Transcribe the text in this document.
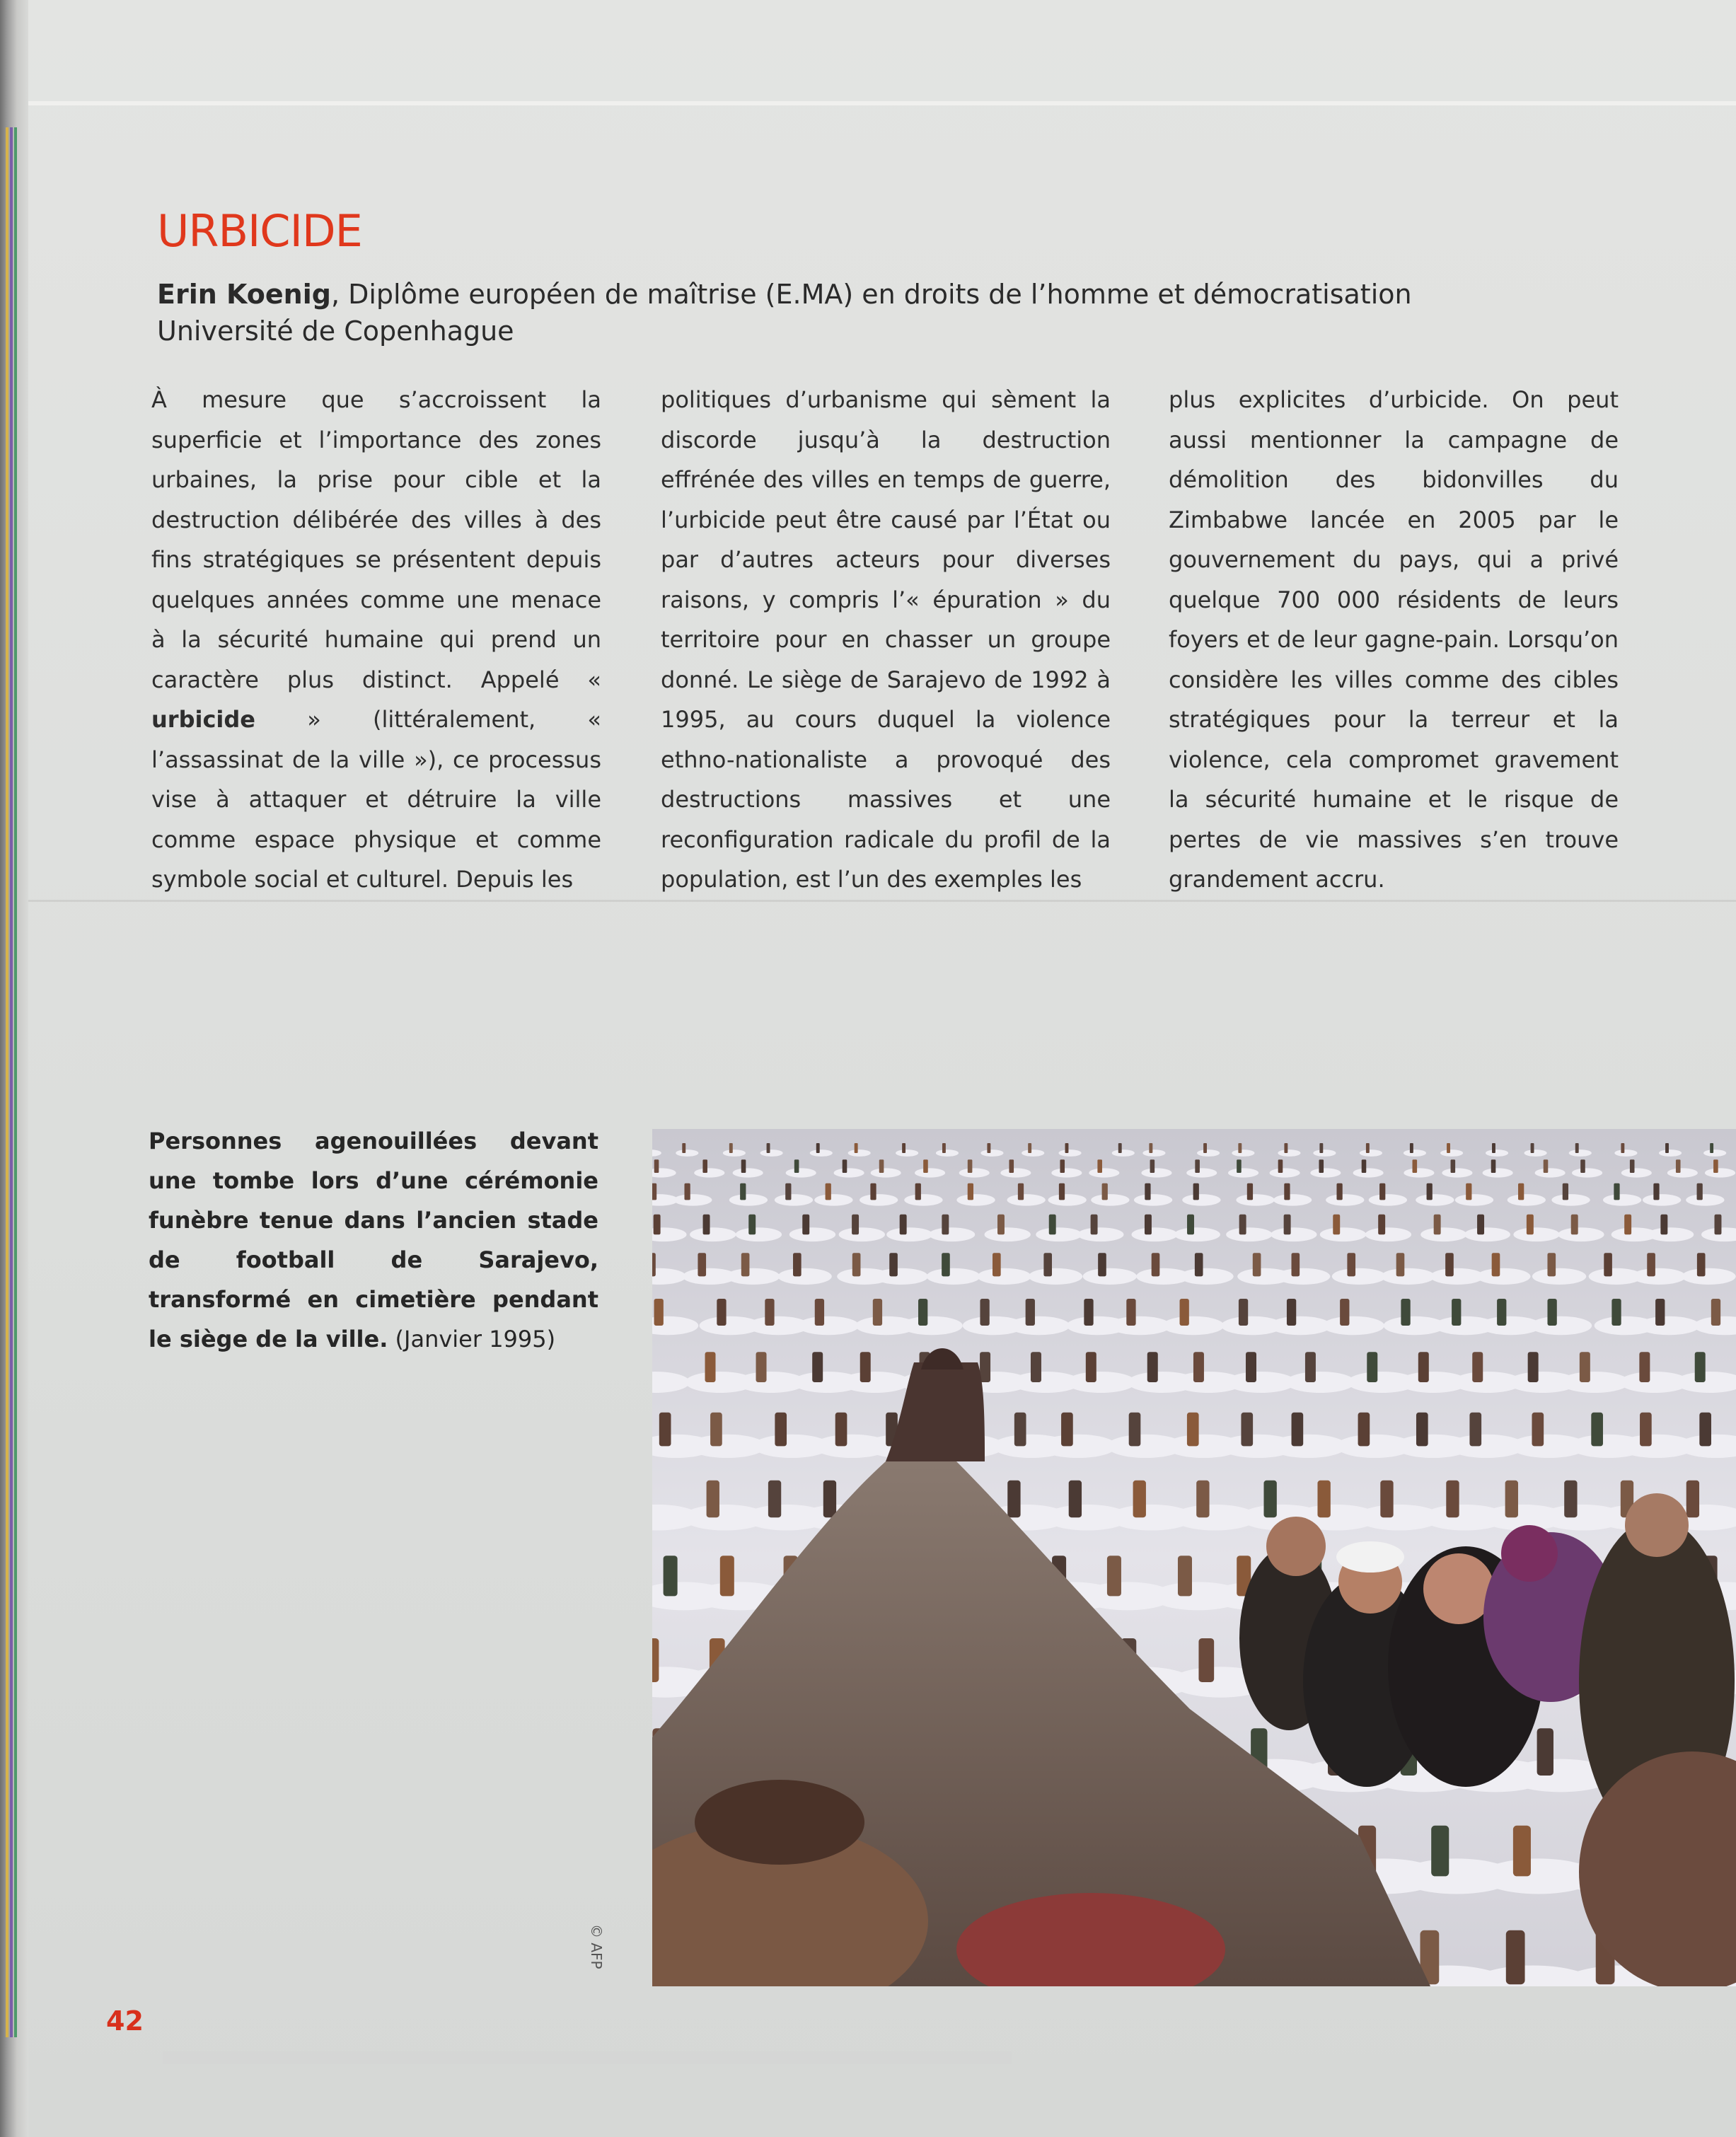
URBICIDE
Erin Koenig, Diplôme européen de maîtrise (E.MA) en droits de l’homme et démocratisation
Université de Copenhague
À mesure que s’accroissent la superficie et l’importance des zones urbaines, la prise pour cible et la destruction délibérée des villes à des fins stratégiques se présentent depuis quelques années comme une menace à la sécurité humaine qui prend un caractère plus distinct. Appelé « urbicide » (littéralement, « l’assassinat de la ville »), ce processus vise à attaquer et détruire la ville comme espace physique et comme symbole social et culturel. Depuis les
politiques d’urbanisme qui sèment la discorde jusqu’à la destruction effrénée des villes en temps de guerre, l’urbicide peut être causé par l’État ou par d’autres acteurs pour diverses raisons, y compris l’« épuration » du territoire pour en chasser un groupe donné. Le siège de Sarajevo de 1992 à 1995, au cours duquel la violence ethno-nationaliste a provoqué des destructions massives et une reconfiguration radicale du profil de la population, est l’un des exemples les
plus explicites d’urbicide. On peut aussi mentionner la campagne de démolition des bidonvilles du Zimbabwe lancée en 2005 par le gouvernement du pays, qui a privé quelque 700 000 résidents de leurs foyers et de leur gagne-pain. Lorsqu’on considère les villes comme des cibles stratégiques pour la terreur et la violence, cela compromet gravement la sécurité humaine et le risque de pertes de vie massives s’en trouve grandement accru.
Personnes agenouillées devant une tombe lors d’une cérémonie funèbre tenue dans l’ancien stade de football de Sarajevo, transformé en cimetière pendant le siège de la ville. (Janvier 1995)
© AFP
42
